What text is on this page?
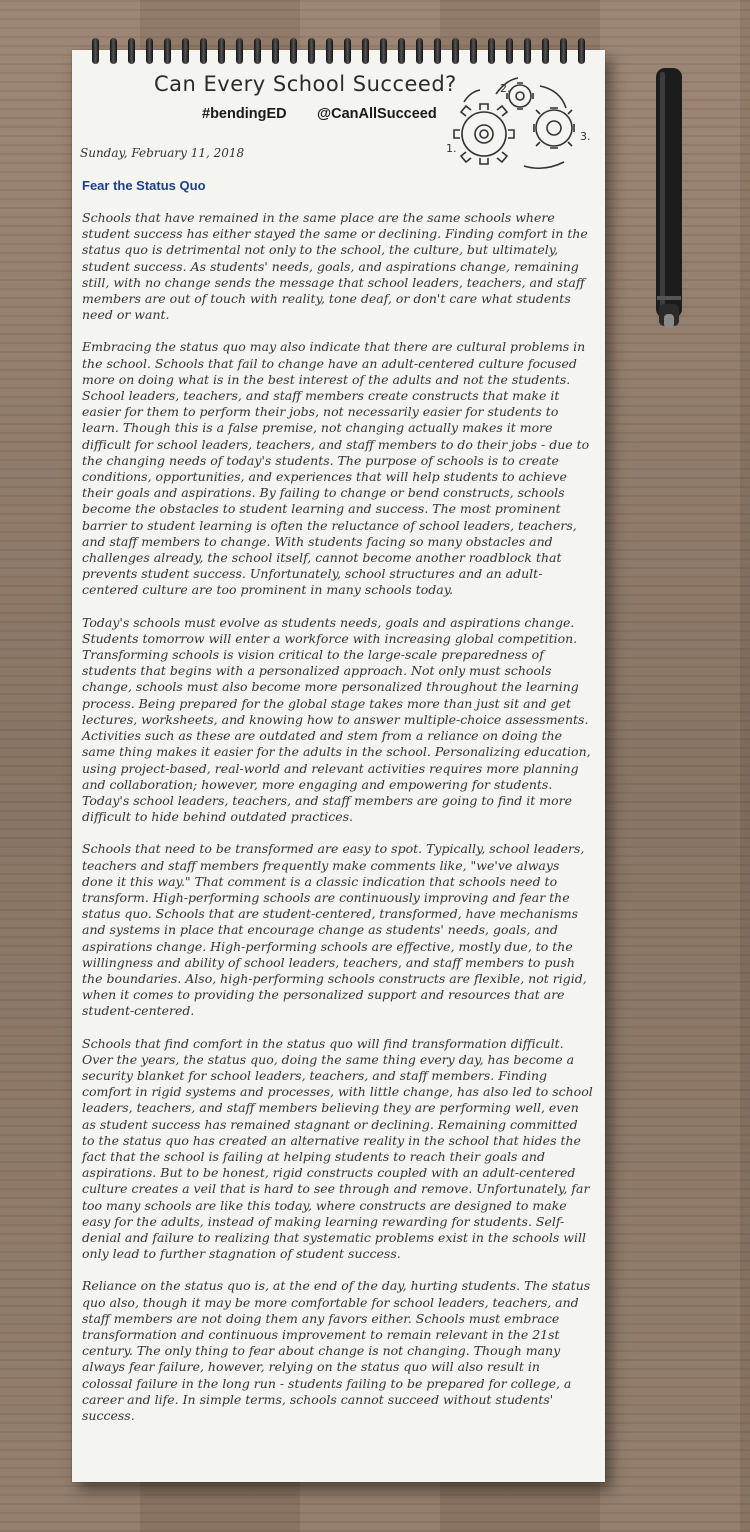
Can Every School Succeed?
#bendingED @CanAllSucceed
1.
2.
3.
Sunday, February 11, 2018
Fear the Status Quo

Schools that have remained in the same place are the same schools where student success has either stayed the same or declining. Finding comfort in the status quo is detrimental not only to the school, the culture, but ultimately, student success. As students' needs, goals, and aspirations change, remaining still, with no change sends the message that school leaders, teachers, and staff members are out of touch with reality, tone deaf, or don't care what students need or want.

Embracing the status quo may also indicate that there are cultural problems in the school. Schools that fail to change have an adult-centered culture focused more on doing what is in the best interest of the adults and not the students. School leaders, teachers, and staff members create constructs that make it easier for them to perform their jobs, not necessarily easier for students to learn. Though this is a false premise, not changing actually makes it more difficult for school leaders, teachers, and staff members to do their jobs - due to the changing needs of today's students. The purpose of schools is to create conditions, opportunities, and experiences that will help students to achieve their goals and aspirations. By failing to change or bend constructs, schools become the obstacles to student learning and success. The most prominent barrier to student learning is often the reluctance of school leaders, teachers, and staff members to change. With students facing so many obstacles and challenges already, the school itself, cannot become another roadblock that prevents student success. Unfortunately, school structures and an adult-centered culture are too prominent in many schools today.

Today's schools must evolve as students needs, goals and aspirations change. Students tomorrow will enter a workforce with increasing global competition. Transforming schools is vision critical to the large-scale preparedness of students that begins with a personalized approach. Not only must schools change, schools must also become more personalized throughout the learning process. Being prepared for the global stage takes more than just sit and get lectures, worksheets, and knowing how to answer multiple-choice assessments. Activities such as these are outdated and stem from a reliance on doing the same thing makes it easier for the adults in the school. Personalizing education, using project-based, real-world and relevant activities requires more planning and collaboration; however, more engaging and empowering for students. Today's school leaders, teachers, and staff members are going to find it more difficult to hide behind outdated practices.

Schools that need to be transformed are easy to spot. Typically, school leaders, teachers and staff members frequently make comments like, "we've always done it this way." That comment is a classic indication that schools need to transform. High-performing schools are continuously improving and fear the status quo. Schools that are student-centered, transformed, have mechanisms and systems in place that encourage change as students' needs, goals, and aspirations change. High-performing schools are effective, mostly due, to the willingness and ability of school leaders, teachers, and staff members to push the boundaries. Also, high-performing schools constructs are flexible, not rigid, when it comes to providing the personalized support and resources that are student-centered.

Schools that find comfort in the status quo will find transformation difficult. Over the years, the status quo, doing the same thing every day, has become a security blanket for school leaders, teachers, and staff members. Finding comfort in rigid systems and processes, with little change, has also led to school leaders, teachers, and staff members believing they are performing well, even as student success has remained stagnant or declining. Remaining committed to the status quo has created an alternative reality in the school that hides the fact that the school is failing at helping students to reach their goals and aspirations. But to be honest, rigid constructs coupled with an adult-centered culture creates a veil that is hard to see through and remove. Unfortunately, far too many schools are like this today, where constructs are designed to make easy for the adults, instead of making learning rewarding for students. Self-denial and failure to realizing that systematic problems exist in the schools will only lead to further stagnation of student success.

Reliance on the status quo is, at the end of the day, hurting students. The status quo also, though it may be more comfortable for school leaders, teachers, and staff members are not doing them any favors either. Schools must embrace transformation and continuous improvement to remain relevant in the 21st century. The only thing to fear about change is not changing. Though many always fear failure, however, relying on the status quo will also result in colossal failure in the long run - students failing to be prepared for college, a career and life. In simple terms, schools cannot succeed without students' success.
